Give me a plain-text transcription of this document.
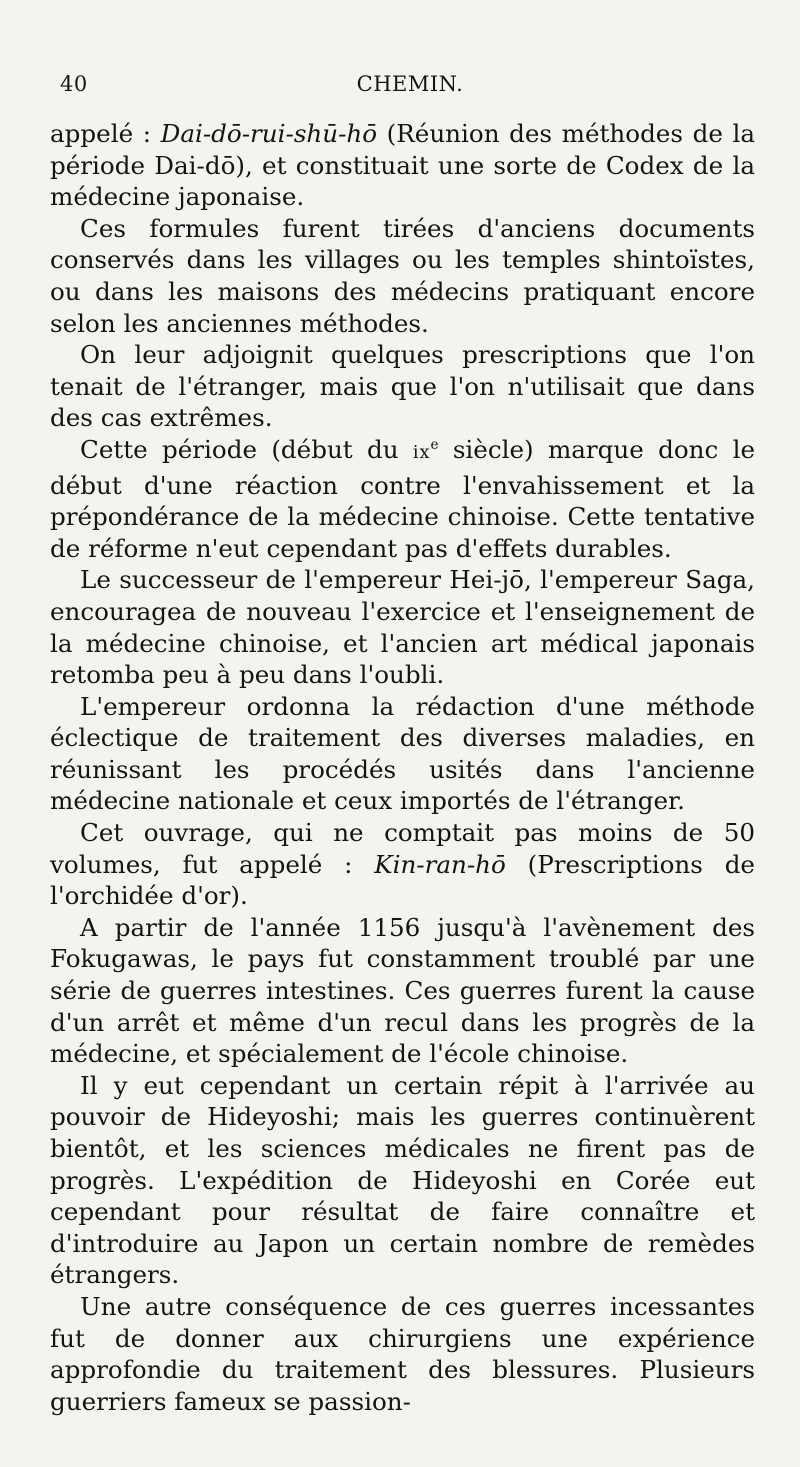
40	CHEMIN.

appelé : Dai-dō-rui-shū-hō (Réunion des méthodes de la période Dai-dō), et constituait une sorte de Codex de la médecine japonaise.

Ces formules furent tirées d'anciens documents conservés dans les villages ou les temples shintoïstes, ou dans les maisons des médecins pratiquant encore selon les anciennes méthodes.

On leur adjoignit quelques prescriptions que l'on tenait de l'étranger, mais que l'on n'utilisait que dans des cas extrêmes.

Cette période (début du $ix^e$ siècle) marque donc le début d'une réaction contre l'envahissement et la prépondérance de la médecine chinoise. Cette tentative de réforme n'eut cependant pas d'effets durables.

Le successeur de l'empereur Hei-jō, l'empereur Saga, encouragea de nouveau l'exercice et l'enseignement de la médecine chinoise, et l'ancien art médical japonais retomba peu à peu dans l'oubli.

L'empereur ordonna la rédaction d'une méthode éclectique de traitement des diverses maladies, en réunissant les procédés usités dans l'ancienne médecine nationale et ceux importés de l'étranger.

Cet ouvrage, qui ne comptait pas moins de 50 volumes, fut appelé : Kin-ran-hō (Prescriptions de l'orchidée d'or).

A partir de l'année 1156 jusqu'à l'avènement des Fokugawas, le pays fut constamment troublé par une série de guerres intestines. Ces guerres furent la cause d'un arrêt et même d'un recul dans les progrès de la médecine, et spécialement de l'école chinoise.

Il y eut cependant un certain répit à l'arrivée au pouvoir de Hideyoshi; mais les guerres continuèrent bientôt, et les sciences médicales ne firent pas de progrès. L'expédition de Hideyoshi en Corée eut cependant pour résultat de faire connaître et d'introduire au Japon un certain nombre de remèdes étrangers.

Une autre conséquence de ces guerres incessantes fut de donner aux chirurgiens une expérience approfondie du traitement des blessures. Plusieurs guerriers fameux se passion-
